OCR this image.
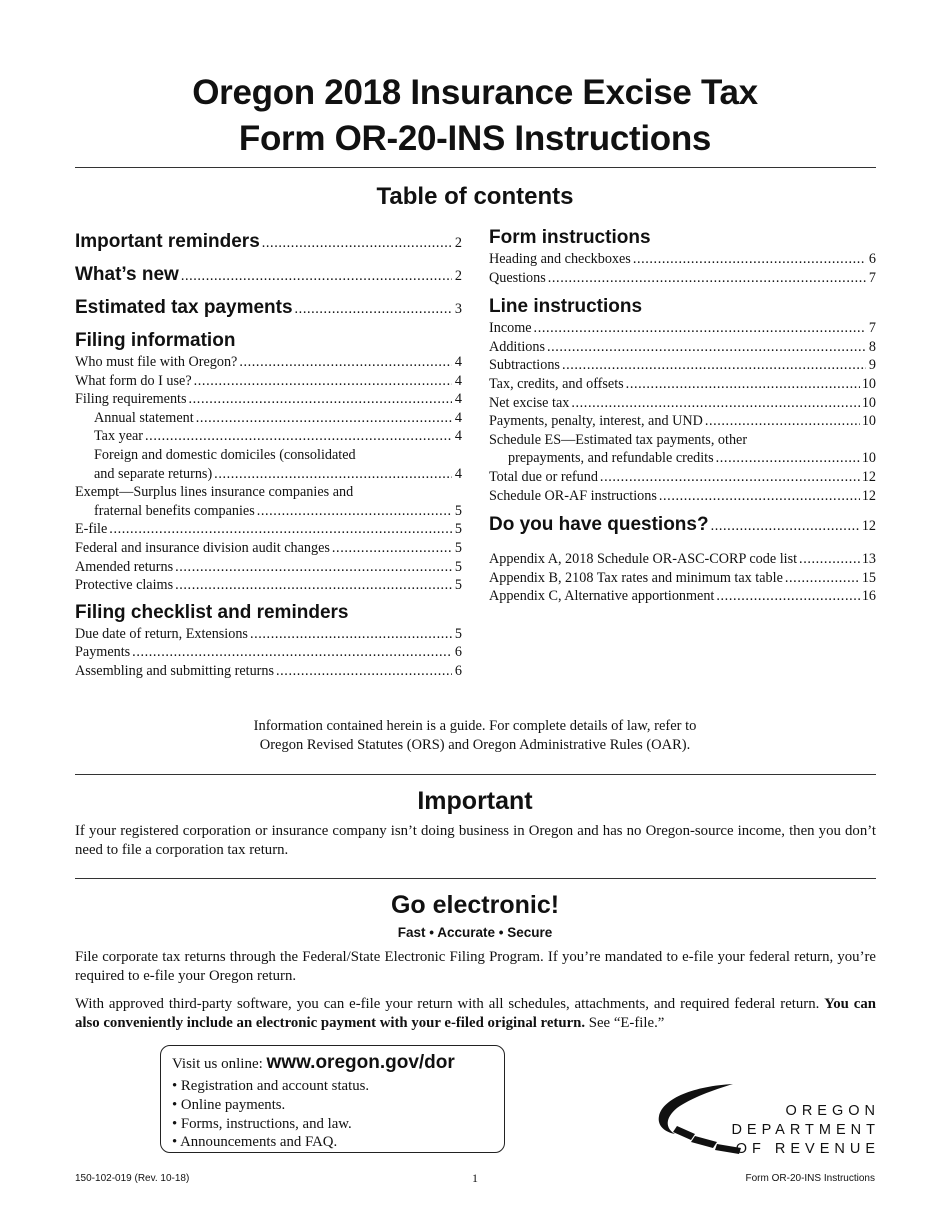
Oregon 2018 Insurance Excise Tax
Form OR-20-INS Instructions
Table of contents
Important reminders .....	2
What’s new .....	2
Estimated tax payments .....	3
Filing information
Who must file with Oregon? .....	4
What form do I use? .....	4
Filing requirements .....	4
Annual statement .....	4
Tax year .....	4
Foreign and domestic domiciles (consolidated
and separate returns) .....	4
Exempt—Surplus lines insurance companies and
fraternal benefits companies .....	5
E-file .....	5
Federal and insurance division audit changes .....	5
Amended returns .....	5
Protective claims .....	5
Filing checklist and reminders
Due date of return, Extensions .....	5
Payments .....	6
Assembling and submitting returns .....	6
Form instructions
Heading and checkboxes .....	6
Questions .....	7
Line instructions
Income .....	7
Additions .....	8
Subtractions .....	9
Tax, credits, and offsets .....	10
Net excise tax .....	10
Payments, penalty, interest, and UND .....	10
Schedule ES—Estimated tax payments, other
prepayments, and refundable credits .....	10
Total due or refund .....	12
Schedule OR-AF instructions .....	12
Do you have questions? .....	12
Appendix A, 2018 Schedule OR-ASC-CORP code list .....	13
Appendix B, 2108 Tax rates and minimum tax table .....	15
Appendix C, Alternative apportionment .....	16
Information contained herein is a guide. For complete details of law, refer to
Oregon Revised Statutes (ORS) and Oregon Administrative Rules (OAR).
Important
If your registered corporation or insurance company isn’t doing business in Oregon and has no Oregon-source income, then you don’t need to file a corporation tax return.
Go electronic!
Fast • Accurate • Secure
File corporate tax returns through the Federal/State Electronic Filing Program. If you’re mandated to e-file your federal return, you’re required to e-file your Oregon return.
With approved third-party software, you can e-file your return with all schedules, attachments, and required federal return. You can also conveniently include an electronic payment with your e-filed original return. See “E-file.”
Visit us online: www.oregon.gov/dor
• Registration and account status.
• Online payments.
• Forms, instructions, and law.
• Announcements and FAQ.
OREGON
DEPARTMENT
OF REVENUE
150-102-019 (Rev. 10-18)	1	Form OR-20-INS Instructions
